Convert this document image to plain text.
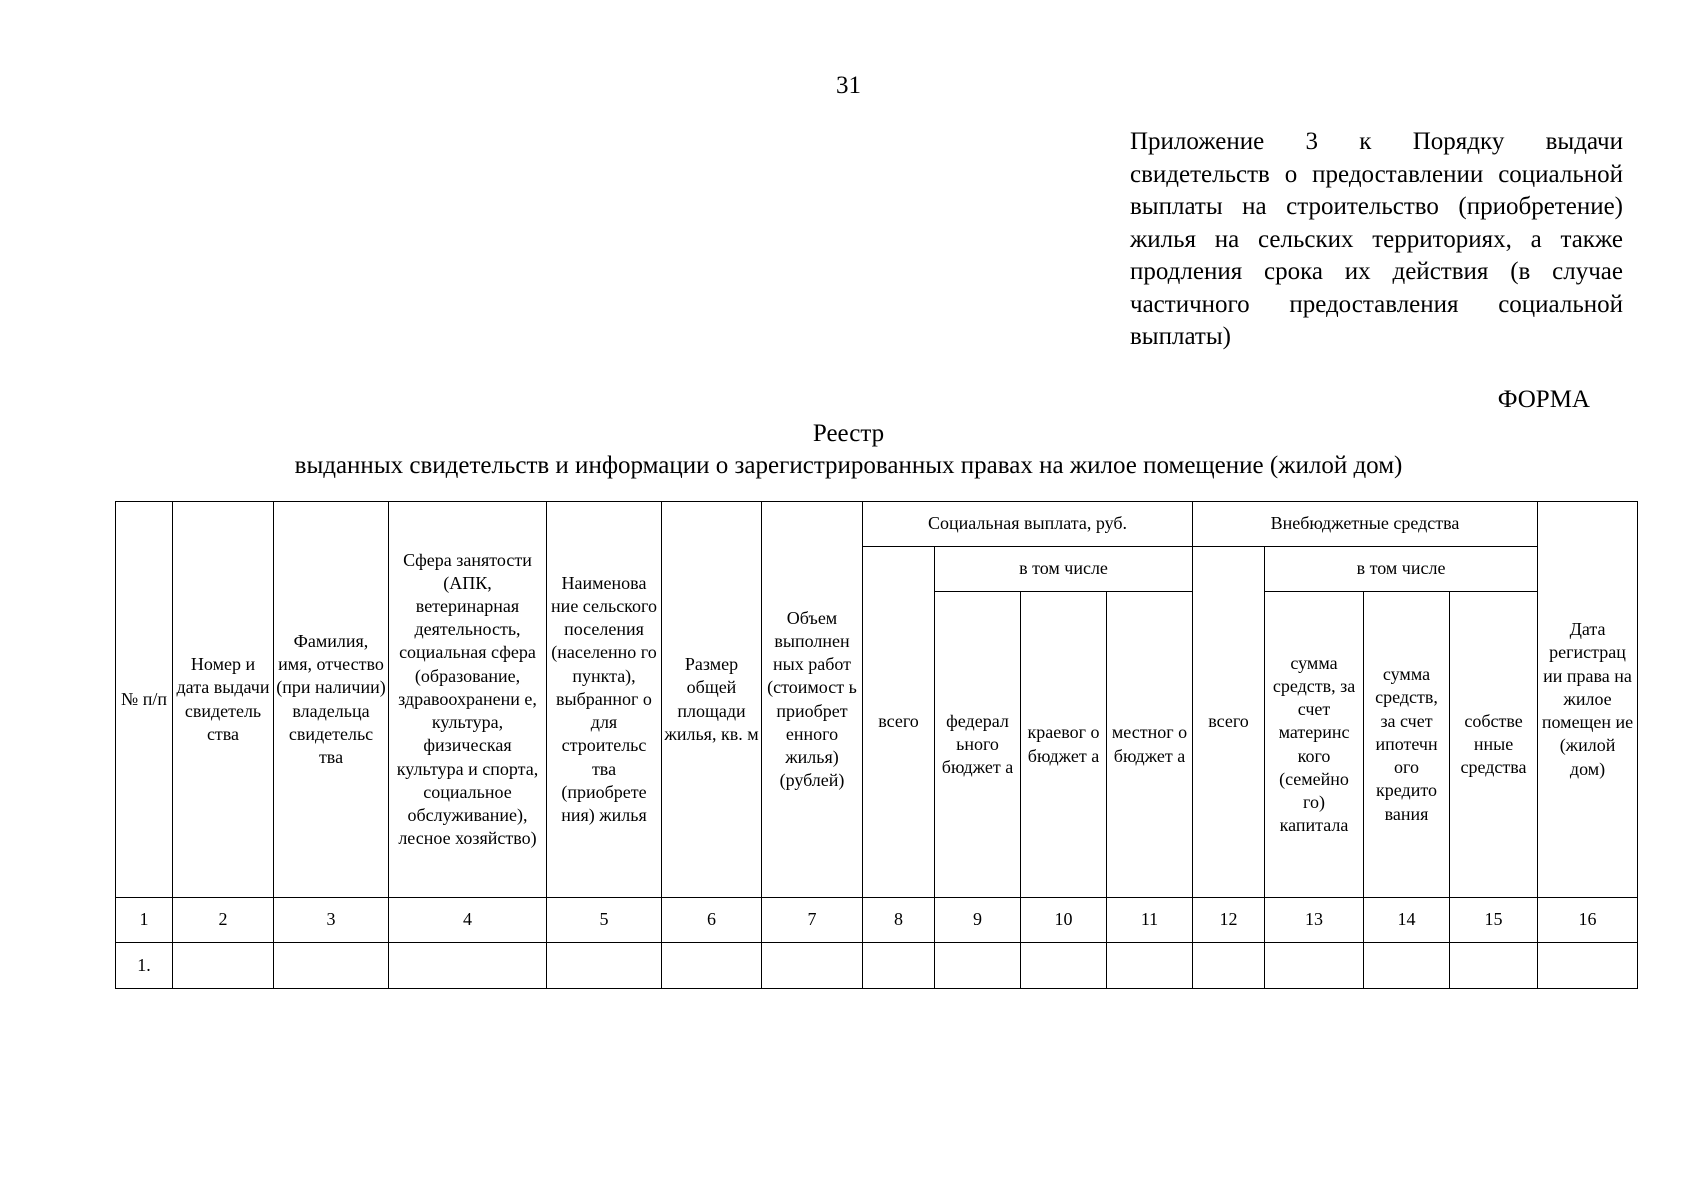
31
Приложение 3 к Порядку выдачи свидетельств о предоставлении социальной выплаты на строительство (приобретение) жилья на сельских территориях, а также продления срока их действия (в случае частичного предоставления социальной выплаты)
ФОРМА
Реестр
выданных свидетельств и информации о зарегистрированных правах на жилое помещение (жилой дом)
№ п/п	Номер и дата выдачи свидетель ства	Фамилия, имя, отчество (при наличии) владельца свидетельс тва	Сфера занятости (АПК, ветеринарная деятельность, социальная сфера (образование, здравоохранени е, культура, физическая культура и спорта, социальное обслуживание), лесное хозяйство)	Наименова ние сельского поселения (населенно го пункта), выбранног о для строительс тва (приобрете ния) жилья	Размер общей площади жилья, кв. м	Объем выполнен ных работ (стоимост ь приобрет енного жилья) (рублей)	Социальная выплата, руб.				Внебюджетные средства				Дата регистрац ии права на жилое помещен ие (жилой дом)
							всего	в том числе			всего	в том числе			
								федерал ьного бюджет а	краевог о бюджет а	местног о бюджет а		сумма средств, за счет материнс кого (семейно го) капитала	сумма средств, за счет ипотечн ого кредито вания	собстве нные средства	
1	2	3	4	5	6	7	8	9	10	11	12	13	14	15	16
1.															
